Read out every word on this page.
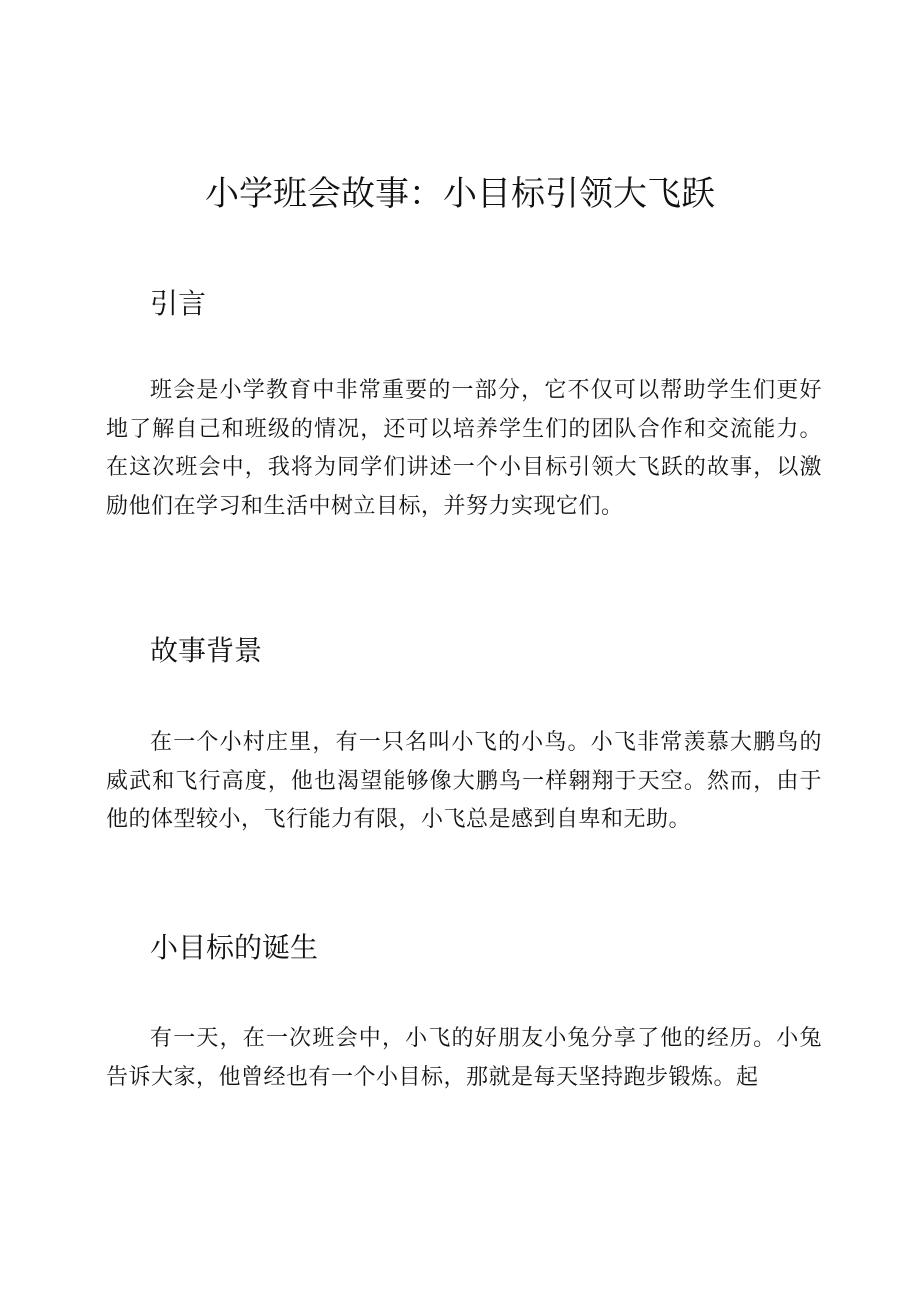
小学班会故事：小目标引领大飞跃
引言

班会是小学教育中非常重要的一部分，它不仅可以帮助学生们更好地了解自己和班级的情况，还可以培养学生们的团队合作和交流能力。在这次班会中，我将为同学们讲述一个小目标引领大飞跃的故事，以激励他们在学习和生活中树立目标，并努力实现它们。

故事背景

在一个小村庄里，有一只名叫小飞的小鸟。小飞非常羡慕大鹏鸟的威武和飞行高度，他也渴望能够像大鹏鸟一样翱翔于天空。然而，由于他的体型较小，飞行能力有限，小飞总是感到自卑和无助。

小目标的诞生

有一天，在一次班会中，小飞的好朋友小兔分享了他的经历。小兔告诉大家，他曾经也有一个小目标，那就是每天坚持跑步锻炼。起
